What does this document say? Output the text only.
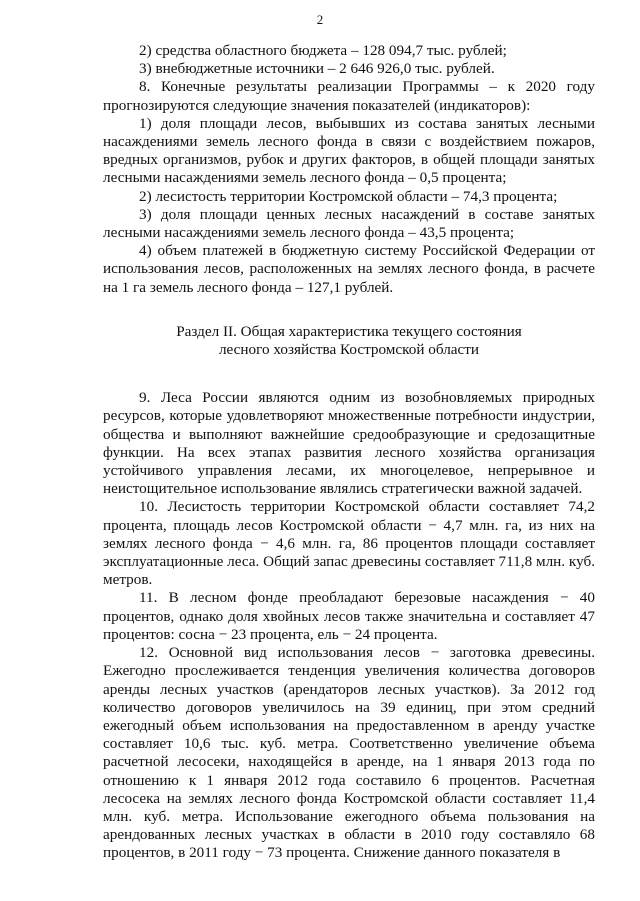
2

2) средства областного бюджета – 128 094,7 тыс. рублей;

3) внебюджетные источники – 2 646 926,0 тыс. рублей.

8. Конечные результаты реализации Программы – к 2020 году прогнозируются следующие значения показателей (индикаторов):

1) доля площади лесов, выбывших из состава занятых лесными насаждениями земель лесного фонда в связи с воздействием пожаров, вредных организмов, рубок и других факторов, в общей площади занятых лесными насаждениями земель лесного фонда – 0,5 процента;

2) лесистость территории Костромской области – 74,3 процента;

3) доля площади ценных лесных насаждений в составе занятых лесными насаждениями земель лесного фонда – 43,5 процента;

4) объем платежей в бюджетную систему Российской Федерации от использования лесов, расположенных на землях лесного фонда, в расчете на 1 га земель лесного фонда – 127,1 рублей.

Раздел II. Общая характеристика текущего состояния
лесного хозяйства Костромской области

9. Леса России являются одним из возобновляемых природных ресурсов, которые удовлетворяют множественные потребности индустрии, общества и выполняют важнейшие средообразующие и средозащитные функции. На всех этапах развития лесного хозяйства организация устойчивого управления лесами, их многоцелевое, непрерывное и неистощительное использование являлись стратегически важной задачей.

10. Лесистость территории Костромской области составляет 74,2 процента, площадь лесов Костромской области − 4,7 млн. га, из них на землях лесного фонда − 4,6 млн. га, 86 процентов площади составляет эксплуатационные леса. Общий запас древесины составляет 711,8 млн. куб. метров.

11. В лесном фонде преобладают березовые насаждения − 40 процентов, однако доля хвойных лесов также значительна и составляет 47 процентов: сосна − 23 процента, ель − 24 процента.

12. Основной вид использования лесов − заготовка древесины. Ежегодно прослеживается тенденция увеличения количества договоров аренды лесных участков (арендаторов лесных участков). За 2012 год количество договоров увеличилось на 39 единиц, при этом средний ежегодный объем использования на предоставленном в аренду участке составляет 10,6 тыс. куб. метра. Соответственно увеличение объема расчетной лесосеки, находящейся в аренде, на 1 января 2013 года по отношению к 1 января 2012 года составило 6 процентов. Расчетная лесосека на землях лесного фонда Костромской области составляет 11,4 млн. куб. метра. Использование ежегодного объема пользования на арендованных лесных участках в области в 2010 году составляло 68 процентов, в 2011 году − 73 процента. Снижение данного показателя в
